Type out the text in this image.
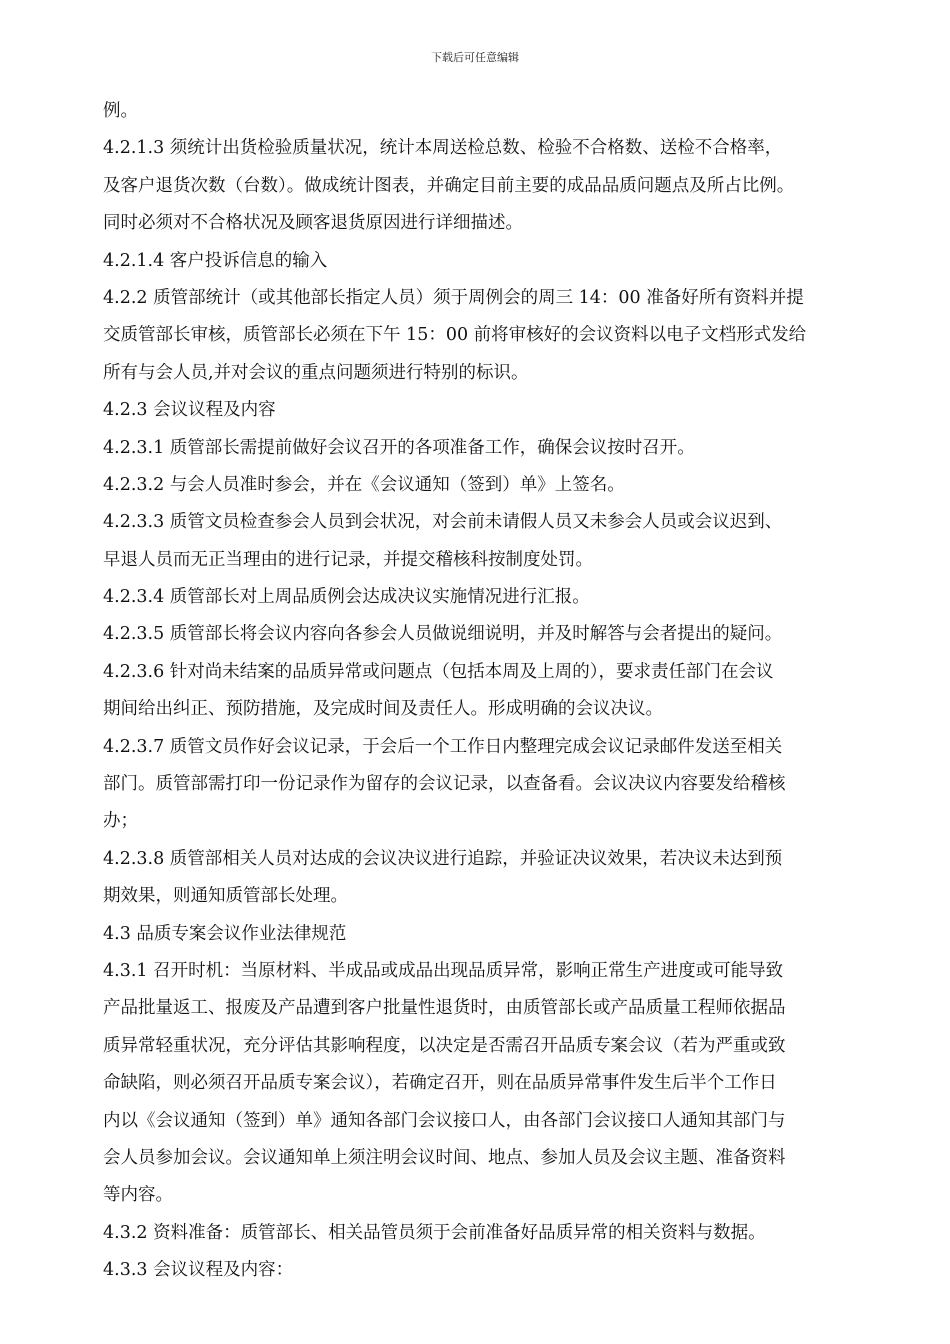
下载后可任意编辑
例。
4.2.1.3 须统计出货检验质量状况，统计本周送检总数、检验不合格数、送检不合格率，
及客户退货次数（台数）。做成统计图表，并确定目前主要的成品品质问题点及所占比例。
同时必须对不合格状况及顾客退货原因进行详细描述。
4.2.1.4 客户投诉信息的输入
4.2.2 质管部统计（或其他部长指定人员）须于周例会的周三 14：00 准备好所有资料并提
交质管部长审核，质管部长必须在下午 15：00 前将审核好的会议资料以电子文档形式发给
所有与会人员,并对会议的重点问题须进行特别的标识。
4.2.3 会议议程及内容
4.2.3.1 质管部长需提前做好会议召开的各项准备工作，确保会议按时召开。
4.2.3.2 与会人员准时参会，并在《会议通知（签到）单》上签名。
4.2.3.3 质管文员检查参会人员到会状况，对会前未请假人员又未参会人员或会议迟到、
早退人员而无正当理由的进行记录，并提交稽核科按制度处罚。
4.2.3.4 质管部长对上周品质例会达成决议实施情况进行汇报。
4.2.3.5 质管部长将会议内容向各参会人员做说细说明，并及时解答与会者提出的疑问。
4.2.3.6 针对尚未结案的品质异常或问题点（包括本周及上周的），要求责任部门在会议
期间给出纠正、预防措施，及完成时间及责任人。形成明确的会议决议。
4.2.3.7 质管文员作好会议记录，于会后一个工作日内整理完成会议记录邮件发送至相关
部门。质管部需打印一份记录作为留存的会议记录，以查备看。会议决议内容要发给稽核
办；
4.2.3.8 质管部相关人员对达成的会议决议进行追踪，并验证决议效果，若决议未达到预
期效果，则通知质管部长处理。
4.3 品质专案会议作业法律规范
4.3.1 召开时机：当原材料、半成品或成品出现品质异常，影响正常生产进度或可能导致
产品批量返工、报废及产品遭到客户批量性退货时，由质管部长或产品质量工程师依据品
质异常轻重状况，充分评估其影响程度，以决定是否需召开品质专案会议（若为严重或致
命缺陷，则必须召开品质专案会议），若确定召开，则在品质异常事件发生后半个工作日
内以《会议通知（签到）单》通知各部门会议接口人，由各部门会议接口人通知其部门与
会人员参加会议。会议通知单上须注明会议时间、地点、参加人员及会议主题、准备资料
等内容。
4.3.2 资料准备：质管部长、相关品管员须于会前准备好品质异常的相关资料与数据。
4.3.3 会议议程及内容：
